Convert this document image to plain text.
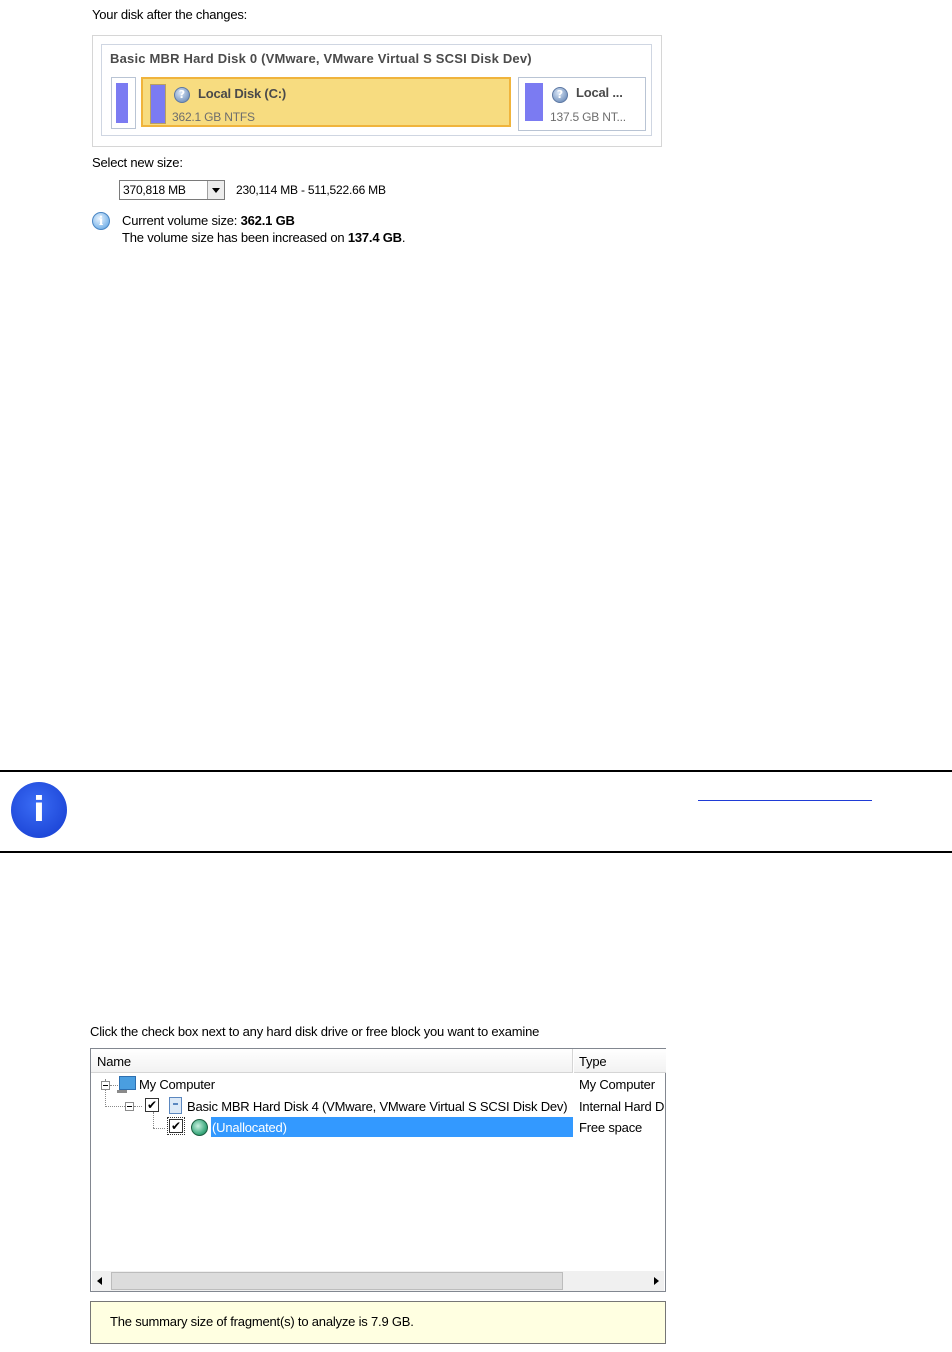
Your disk after the changes:
Basic MBR Hard Disk 0 (VMware, VMware Virtual S SCSI Disk Dev)
? Local Disk (C:)
362.1 GB NTFS
? Local ...
137.5 GB NT...
Select new size:
370,818 MB	230,114 MB - 511,522.66 MB
i	Current volume size: 362.1 GB
The volume size has been increased on 137.4 GB.
i
Click the check box next to any hard disk drive or free block you want to examine
Name	Type
My Computer	My Computer
✔ Basic MBR Hard Disk 4 (VMware, VMware Virtual S SCSI Disk Dev) Internal Hard D
✔ (Unallocated)	Free space
The summary size of fragment(s) to analyze is 7.9 GB.
